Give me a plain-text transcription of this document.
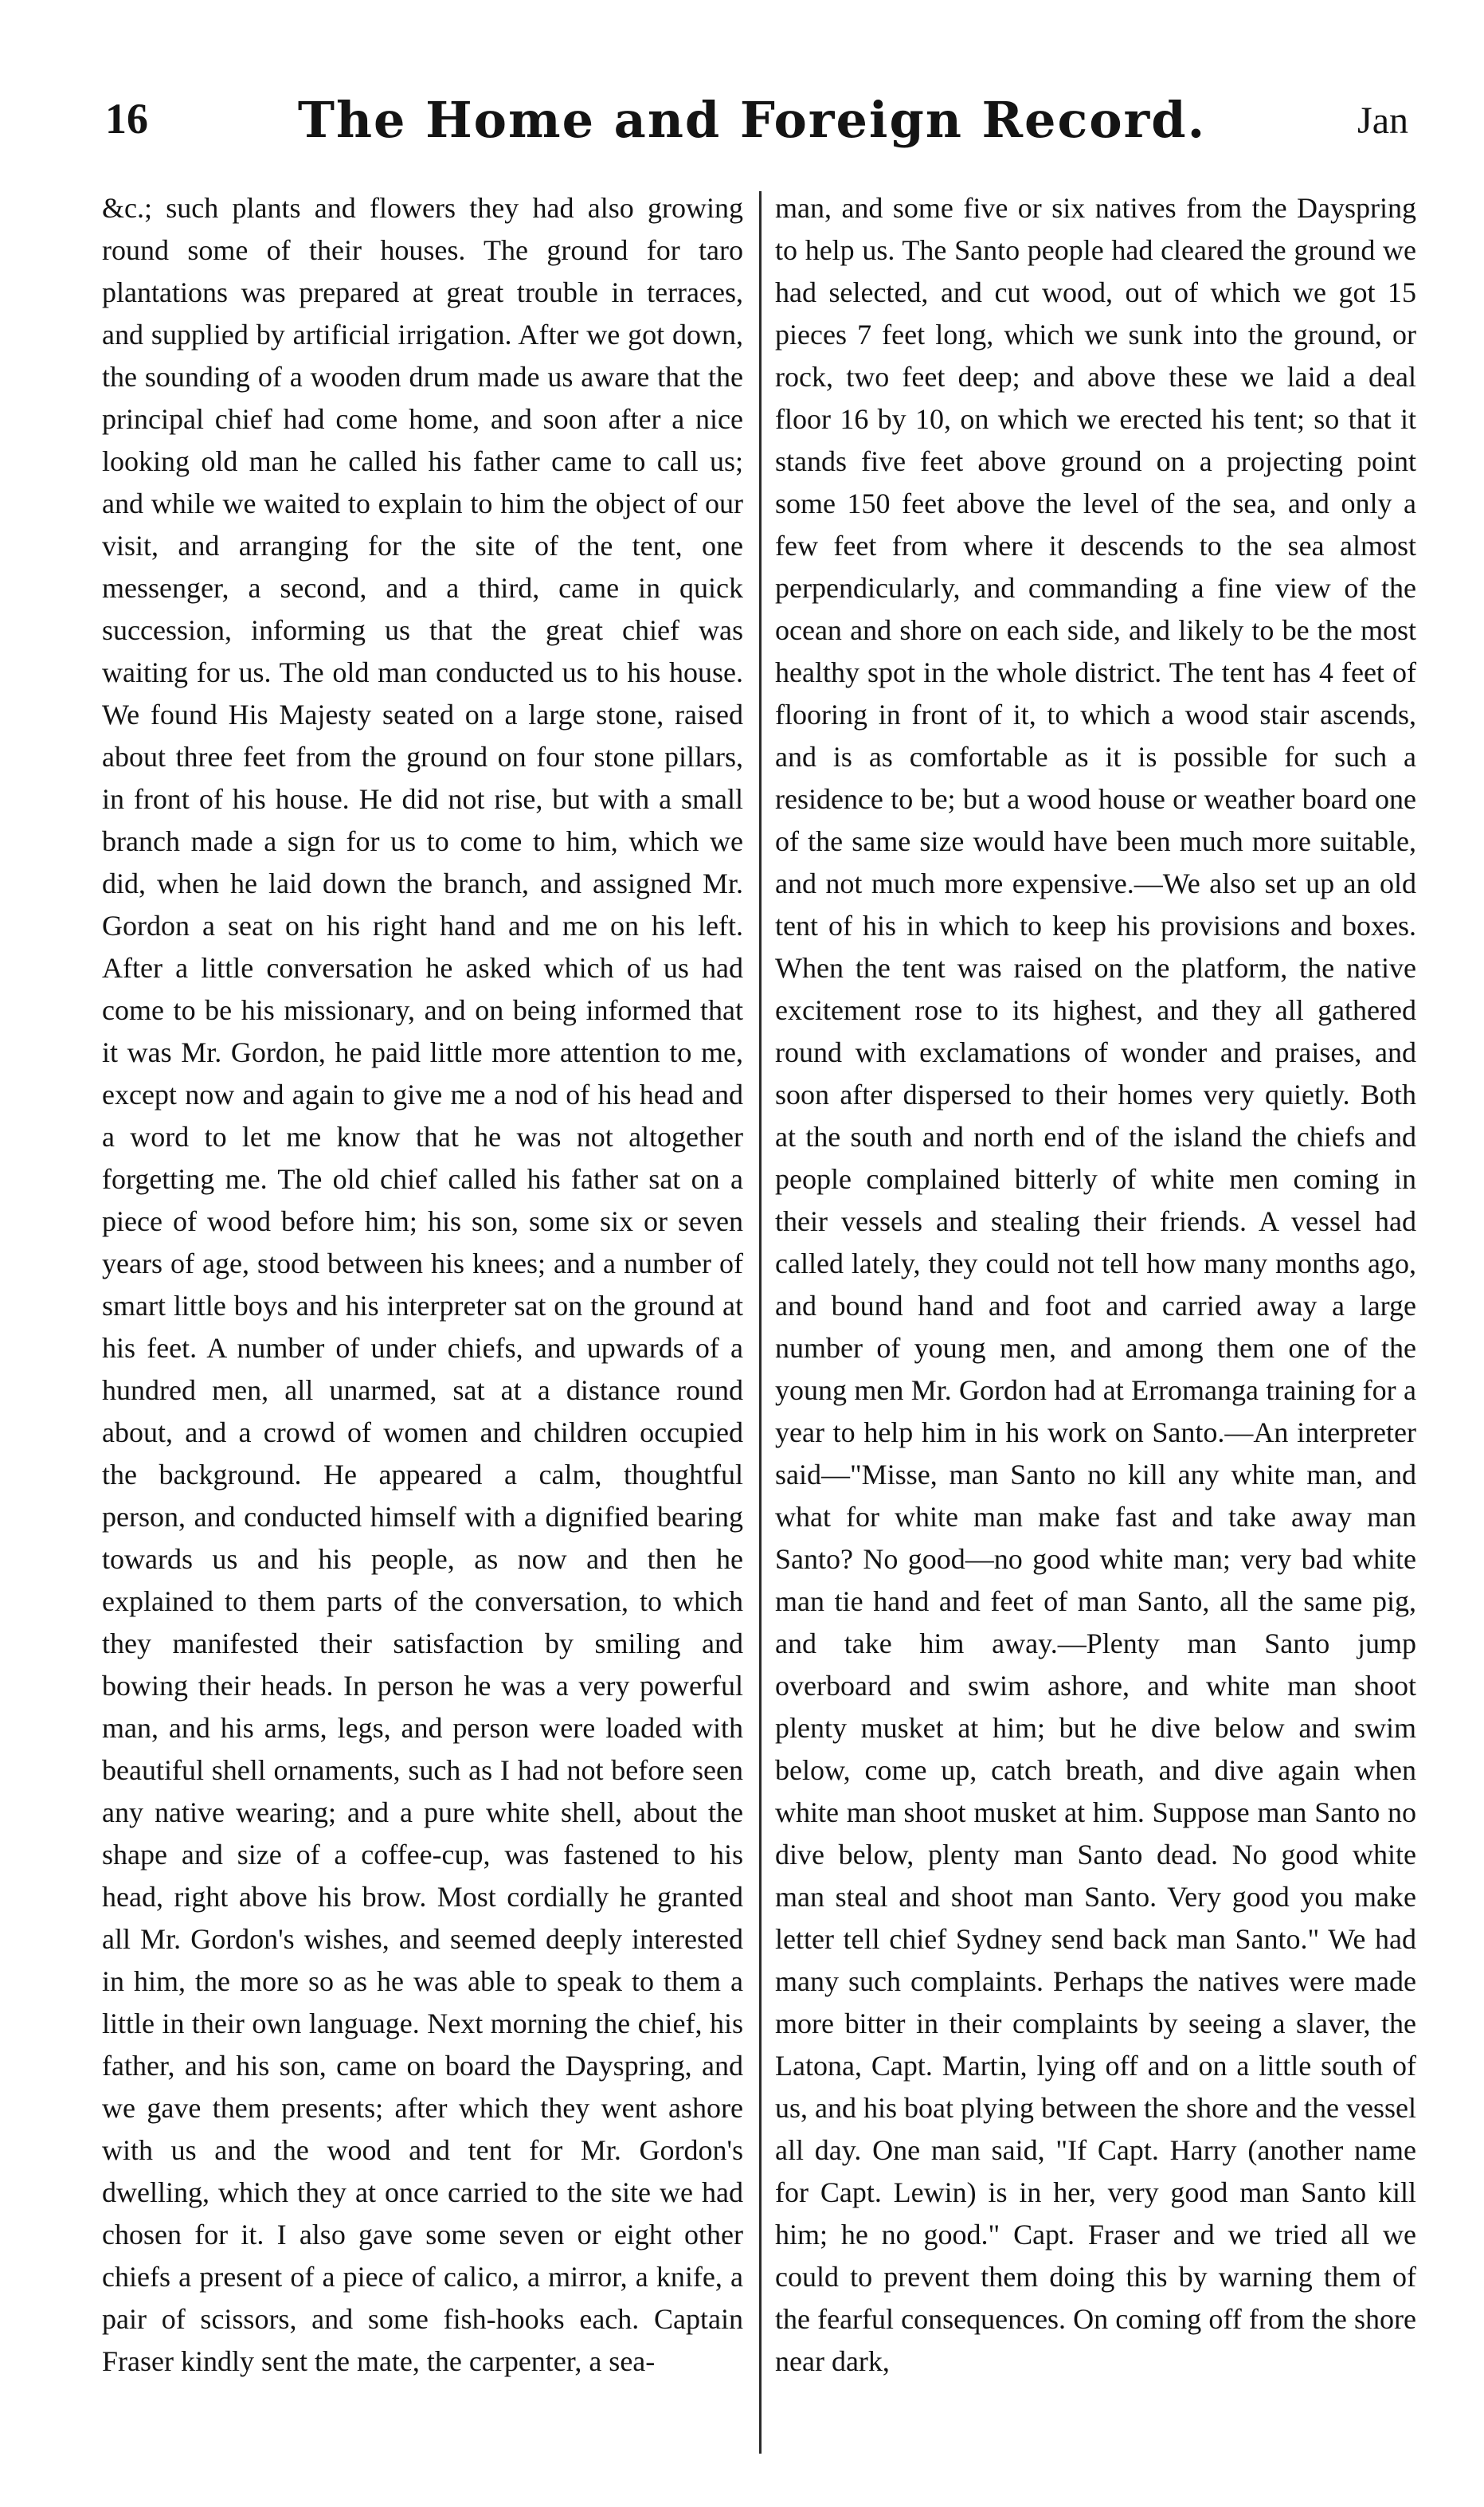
16	The Home and Foreign Record.	Jan

&c.; such plants and flowers they had also growing round some of their houses. The ground for taro plantations was prepared at great trouble in terraces, and supplied by artificial irrigation. After we got down, the sounding of a wooden drum made us aware that the principal chief had come home, and soon after a nice looking old man he called his father came to call us; and while we waited to explain to him the object of our visit, and arranging for the site of the tent, one messenger, a second, and a third, came in quick succession, informing us that the great chief was waiting for us. The old man conducted us to his house. We found His Majesty seated on a large stone, raised about three feet from the ground on four stone pillars, in front of his house. He did not rise, but with a small branch made a sign for us to come to him, which we did, when he laid down the branch, and assigned Mr. Gordon a seat on his right hand and me on his left. After a little conversation he asked which of us had come to be his missionary, and on being informed that it was Mr. Gordon, he paid little more attention to me, except now and again to give me a nod of his head and a word to let me know that he was not altogether forgetting me. The old chief called his father sat on a piece of wood before him; his son, some six or seven years of age, stood between his knees; and a number of smart little boys and his interpreter sat on the ground at his feet. A number of under chiefs, and upwards of a hundred men, all unarmed, sat at a distance round about, and a crowd of women and children occupied the background. He appeared a calm, thoughtful person, and conducted himself with a dignified bearing towards us and his people, as now and then he explained to them parts of the conversation, to which they manifested their satisfaction by smiling and bowing their heads. In person he was a very powerful man, and his arms, legs, and person were loaded with beautiful shell ornaments, such as I had not before seen any native wearing; and a pure white shell, about the shape and size of a coffee-cup, was fastened to his head, right above his brow. Most cordially he granted all Mr. Gordon's wishes, and seemed deeply interested in him, the more so as he was able to speak to them a little in their own language. Next morning the chief, his father, and his son, came on board the Dayspring, and we gave them presents; after which they went ashore with us and the wood and tent for Mr. Gordon's dwelling, which they at once carried to the site we had chosen for it. I also gave some seven or eight other chiefs a present of a piece of calico, a mirror, a knife, a pair of scissors, and some fish-hooks each. Captain Fraser kindly sent the mate, the carpenter, a sea-

man, and some five or six natives from the Dayspring to help us. The Santo people had cleared the ground we had selected, and cut wood, out of which we got 15 pieces 7 feet long, which we sunk into the ground, or rock, two feet deep; and above these we laid a deal floor 16 by 10, on which we erected his tent; so that it stands five feet above ground on a projecting point some 150 feet above the level of the sea, and only a few feet from where it descends to the sea almost perpendicularly, and commanding a fine view of the ocean and shore on each side, and likely to be the most healthy spot in the whole district. The tent has 4 feet of flooring in front of it, to which a wood stair ascends, and is as comfortable as it is possible for such a residence to be; but a wood house or weather board one of the same size would have been much more suitable, and not much more expensive.—We also set up an old tent of his in which to keep his provisions and boxes. When the tent was raised on the platform, the native excitement rose to its highest, and they all gathered round with exclamations of wonder and praises, and soon after dispersed to their homes very quietly. Both at the south and north end of the island the chiefs and people complained bitterly of white men coming in their vessels and stealing their friends. A vessel had called lately, they could not tell how many months ago, and bound hand and foot and carried away a large number of young men, and among them one of the young men Mr. Gordon had at Erromanga training for a year to help him in his work on Santo.—An interpreter said—"Misse, man Santo no kill any white man, and what for white man make fast and take away man Santo? No good—no good white man; very bad white man tie hand and feet of man Santo, all the same pig, and take him away.—Plenty man Santo jump overboard and swim ashore, and white man shoot plenty musket at him; but he dive below and swim below, come up, catch breath, and dive again when white man shoot musket at him. Suppose man Santo no dive below, plenty man Santo dead. No good white man steal and shoot man Santo. Very good you make letter tell chief Sydney send back man Santo." We had many such complaints. Perhaps the natives were made more bitter in their complaints by seeing a slaver, the Latona, Capt. Martin, lying off and on a little south of us, and his boat plying between the shore and the vessel all day. One man said, "If Capt. Harry (another name for Capt. Lewin) is in her, very good man Santo kill him; he no good." Capt. Fraser and we tried all we could to prevent them doing this by warning them of the fearful consequences. On coming off from the shore near dark,
